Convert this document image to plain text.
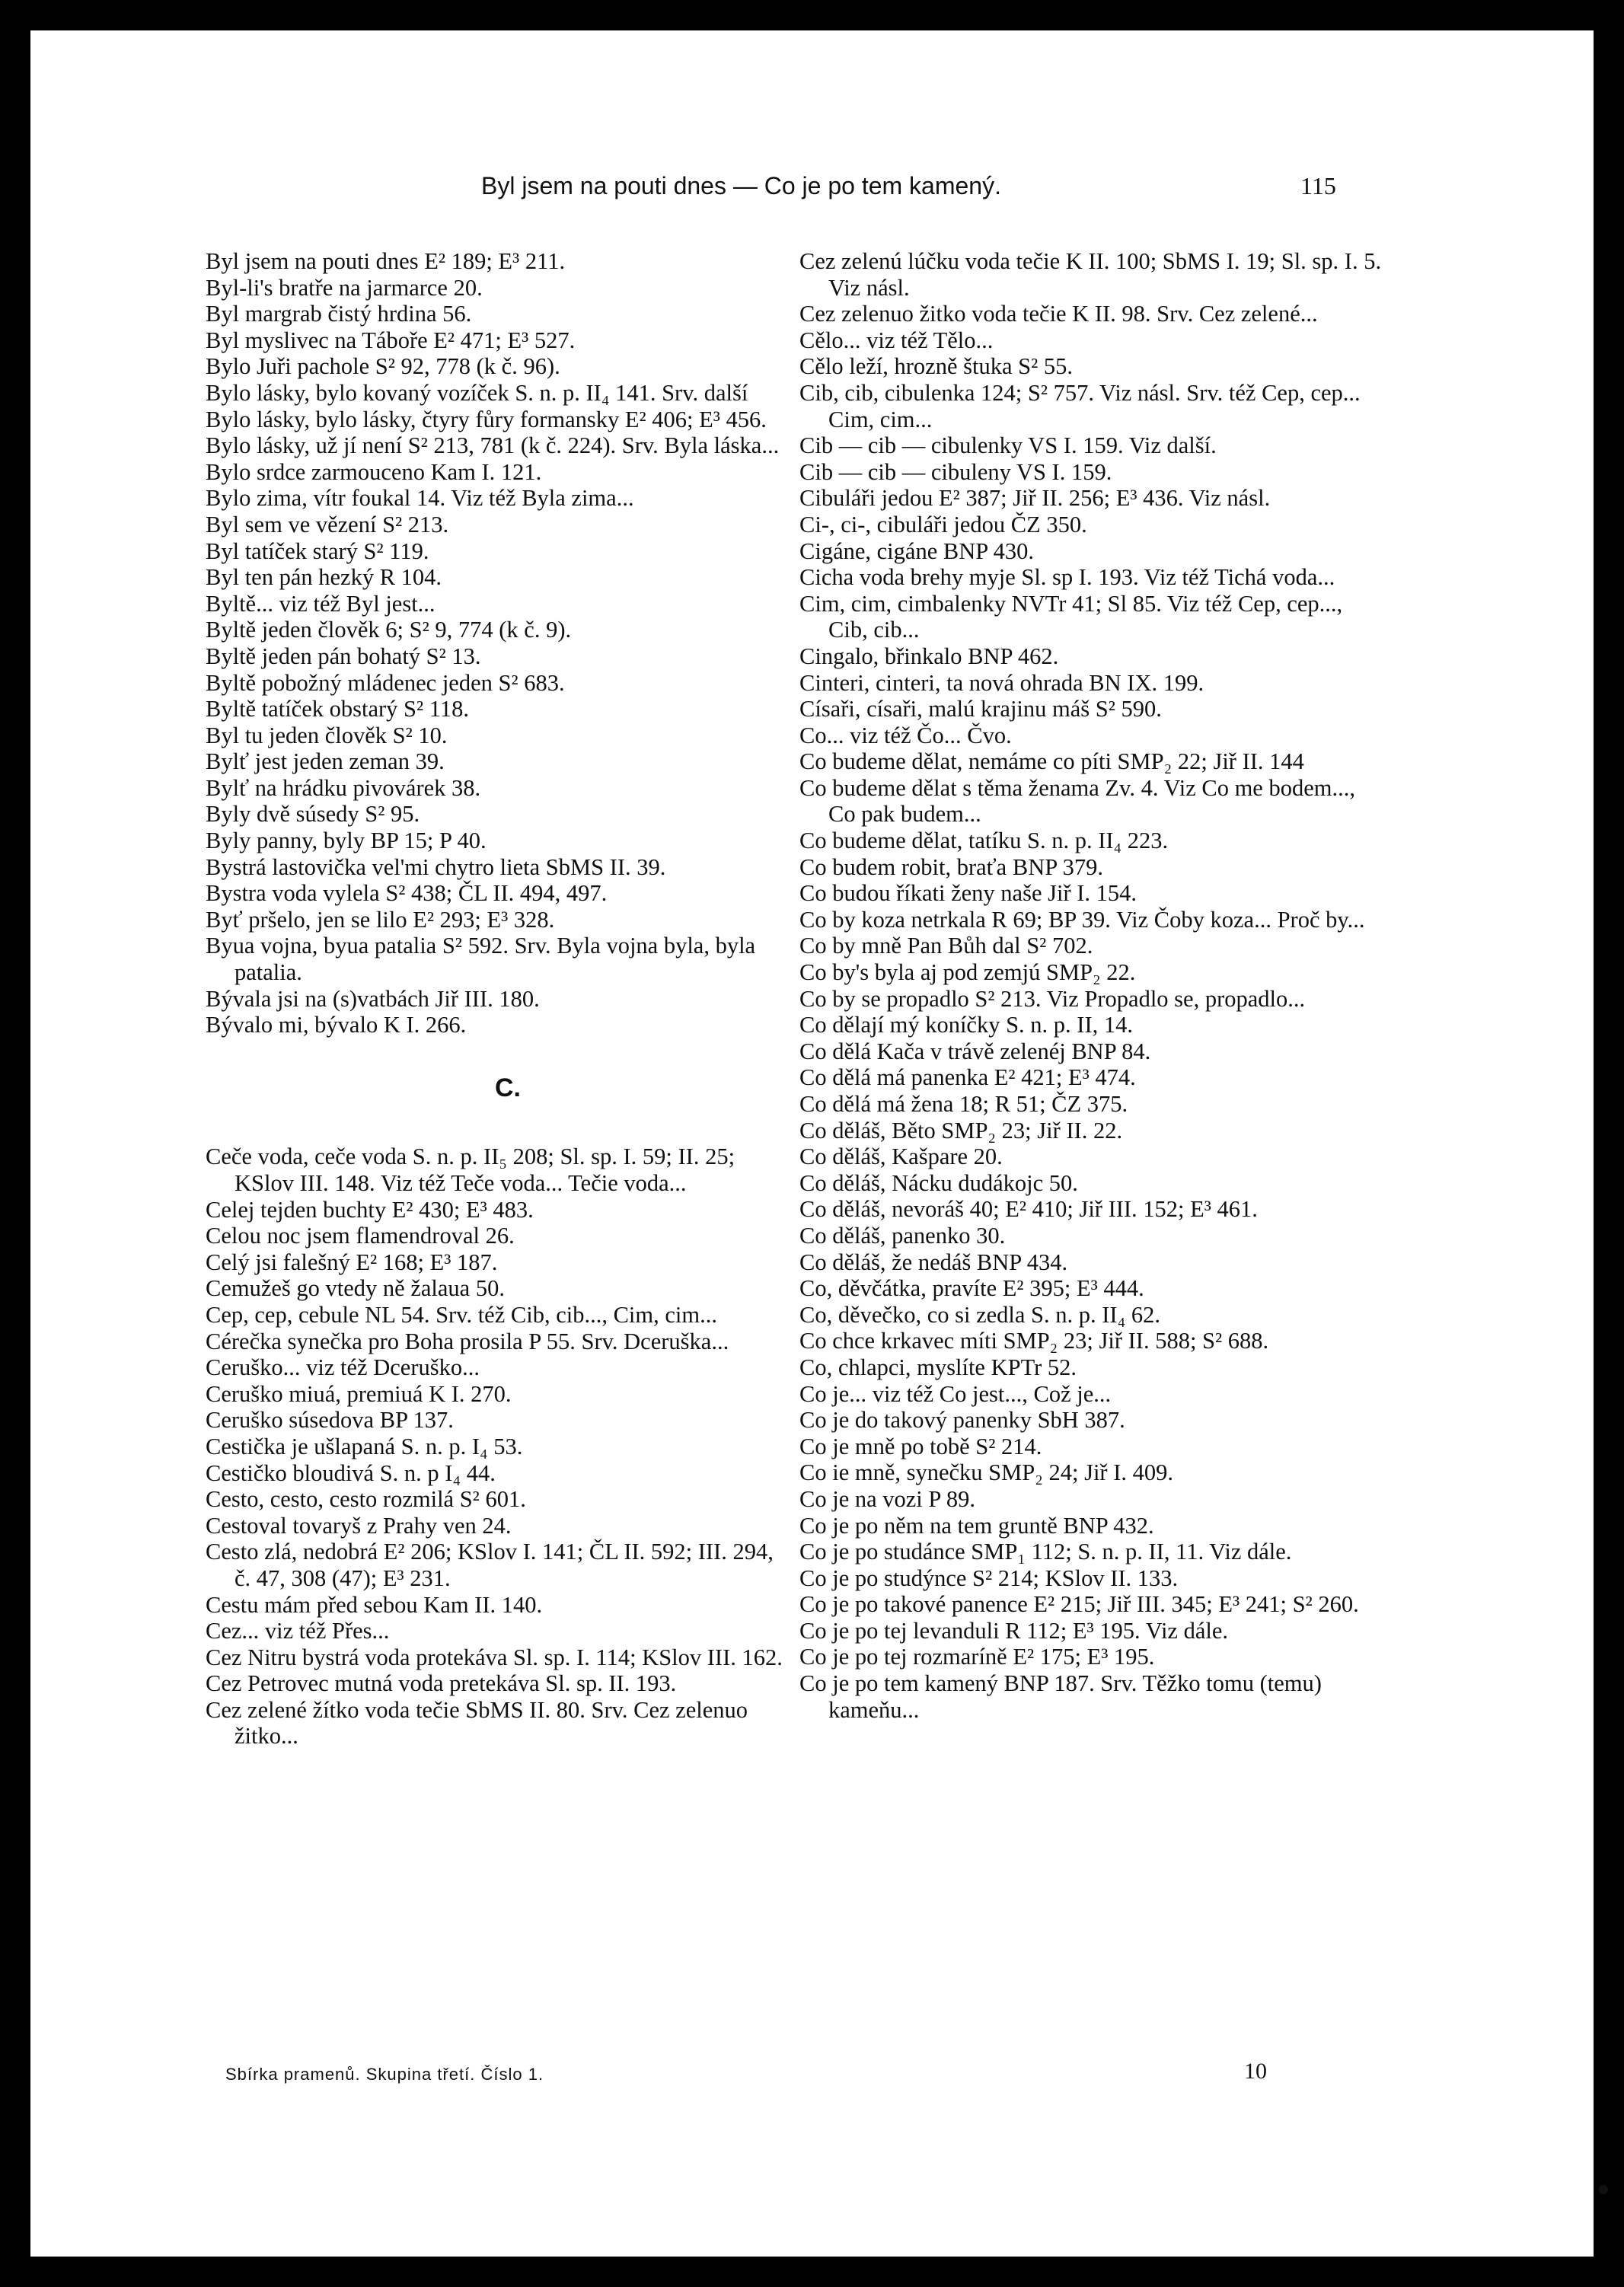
Byl jsem na pouti dnes — Co je po tem kamený.	115
Byl jsem na pouti dnes E² 189; E³ 211.
Byl-li's bratře na jarmarce 20.
Byl margrab čistý hrdina 56.
Byl myslivec na Táboře E² 471; E³ 527.
Bylo Juři pachole S² 92, 778 (k č. 96).
Bylo lásky, bylo kovaný vozíček S. n. p. II₄ 141. Srv. další
Bylo lásky, bylo lásky, čtyry fůry formansky E² 406; E³ 456.
Bylo lásky, už jí není S² 213, 781 (k č. 224). Srv. Byla láska...
Bylo srdce zarmouceno Kam I. 121.
Bylo zima, vítr foukal 14. Viz též Byla zima...
Byl sem ve vězení S² 213.
Byl tatíček starý S² 119.
Byl ten pán hezký R 104.
Byltě... viz též Byl jest...
Byltě jeden člověk 6; S² 9, 774 (k č. 9).
Byltě jeden pán bohatý S² 13.
Byltě pobožný mládenec jeden S² 683.
Byltě tatíček obstarý S² 118.
Byl tu jeden člověk S² 10.
Bylť jest jeden zeman 39.
Bylť na hrádku pivovárek 38.
Byly dvě súsedy S² 95.
Byly panny, byly BP 15; P 40.
Bystrá lastovička vel'mi chytro lieta SbMS II. 39.
Bystra voda vylela S² 438; ČL II. 494, 497.
Byť pršelo, jen se lilo E² 293; E³ 328.
Byua vojna, byua patalia S² 592. Srv. Byla vojna byla, byla patalia.
Bývala jsi na (s)vatbách Jiř III. 180.
Bývalo mi, bývalo K I. 266.
C.
Ceče voda, ceče voda S. n. p. II₅ 208; Sl. sp. I. 59; II. 25; KSlov III. 148. Viz též Teče voda... Tečie voda...
Celej tejden buchty E² 430; E³ 483.
Celou noc jsem flamendroval 26.
Celý jsi falešný E² 168; E³ 187.
Cemužeš go vtedy ně žalaua 50.
Cep, cep, cebule NL 54. Srv. též Cib, cib..., Cim, cim...
Cérečka synečka pro Boha prosila P 55. Srv. Dceruška...
Ceruško... viz též Dceruško...
Ceruško miuá, premiuá K I. 270.
Ceruško súsedova BP 137.
Cestička je ušlapaná S. n. p. I₄ 53.
Cestičko bloudivá S. n. p I₄ 44.
Cesto, cesto, cesto rozmilá S² 601.
Cestoval tovaryš z Prahy ven 24.
Cesto zlá, nedobrá E² 206; KSlov I. 141; ČL II. 592; III. 294, č. 47, 308 (47); E³ 231.
Cestu mám před sebou Kam II. 140.
Cez... viz též Přes...
Cez Nitru bystrá voda protekáva Sl. sp. I. 114; KSlov III. 162.
Cez Petrovec mutná voda pretekáva Sl. sp. II. 193.
Cez zelené žítko voda tečie SbMS II. 80. Srv. Cez zelenuo žitko...
Cez zelenú lúčku voda tečie K II. 100; SbMS I. 19; Sl. sp. I. 5. Viz násl.
Cez zelenuo žitko voda tečie K II. 98. Srv. Cez zelené...
Cělo... viz též Tělo...
Cělo leží, hrozně štuka S² 55.
Cib, cib, cibulenka 124; S² 757. Viz násl. Srv. též Cep, cep... Cim, cim...
Cib — cib — cibulenky VS I. 159. Viz další.
Cib — cib — cibuleny VS I. 159.
Cibuláři jedou E² 387; Jiř II. 256; E³ 436. Viz násl.
Ci-, ci-, cibuláři jedou ČZ 350.
Cigáne, cigáne BNP 430.
Cicha voda brehy myje Sl. sp I. 193. Viz též Tichá voda...
Cim, cim, cimbalenky NVTr 41; Sl 85. Viz též Cep, cep..., Cib, cib...
Cingalo, břinkalo BNP 462.
Cinteri, cinteri, ta nová ohrada BN IX. 199.
Císaři, císaři, malú krajinu máš S² 590.
Co... viz též Čo... Čvo.
Co budeme dělat, nemáme co píti SMP₂ 22; Jiř II. 144
Co budeme dělat s těma ženama Zv. 4. Viz Co me bodem..., Co pak budem...
Co budeme dělat, tatíku S. n. p. II₄ 223.
Co budem robit, braťa BNP 379.
Co budou říkati ženy naše Jiř I. 154.
Co by koza netrkala R 69; BP 39. Viz Čoby koza... Proč by...
Co by mně Pan Bůh dal S² 702.
Co by's byla aj pod zemjú SMP₂ 22.
Co by se propadlo S² 213. Viz Propadlo se, propadlo...
Co dělají mý koníčky S. n. p. II, 14.
Co dělá Kača v trávě zelenéj BNP 84.
Co dělá má panenka E² 421; E³ 474.
Co dělá má žena 18; R 51; ČZ 375.
Co děláš, Běto SMP₂ 23; Jiř II. 22.
Co děláš, Kašpare 20.
Co děláš, Nácku dudákojc 50.
Co děláš, nevoráš 40; E² 410; Jiř III. 152; E³ 461.
Co děláš, panenko 30.
Co děláš, že nedáš BNP 434.
Co, děvčátka, pravíte E² 395; E³ 444.
Co, děvečko, co si zedla S. n. p. II₄ 62.
Co chce krkavec míti SMP₂ 23; Jiř II. 588; S² 688.
Co, chlapci, myslíte KPTr 52.
Co je... viz též Co jest..., Což je...
Co je do takový panenky SbH 387.
Co je mně po tobě S² 214.
Co ie mně, synečku SMP₂ 24; Jiř I. 409.
Co je na vozi P 89.
Co je po něm na tem gruntě BNP 432.
Co je po studánce SMP₁ 112; S. n. p. II, 11. Viz dále.
Co je po studýnce S² 214; KSlov II. 133.
Co je po takové panence E² 215; Jiř III. 345; E³ 241; S² 260.
Co je po tej levanduli R 112; E³ 195. Viz dále.
Co je po tej rozmaríně E² 175; E³ 195.
Co je po tem kamený BNP 187. Srv. Těžko tomu (temu) kameňu...
Sbírka pramenů. Skupina třetí. Číslo 1.	10
